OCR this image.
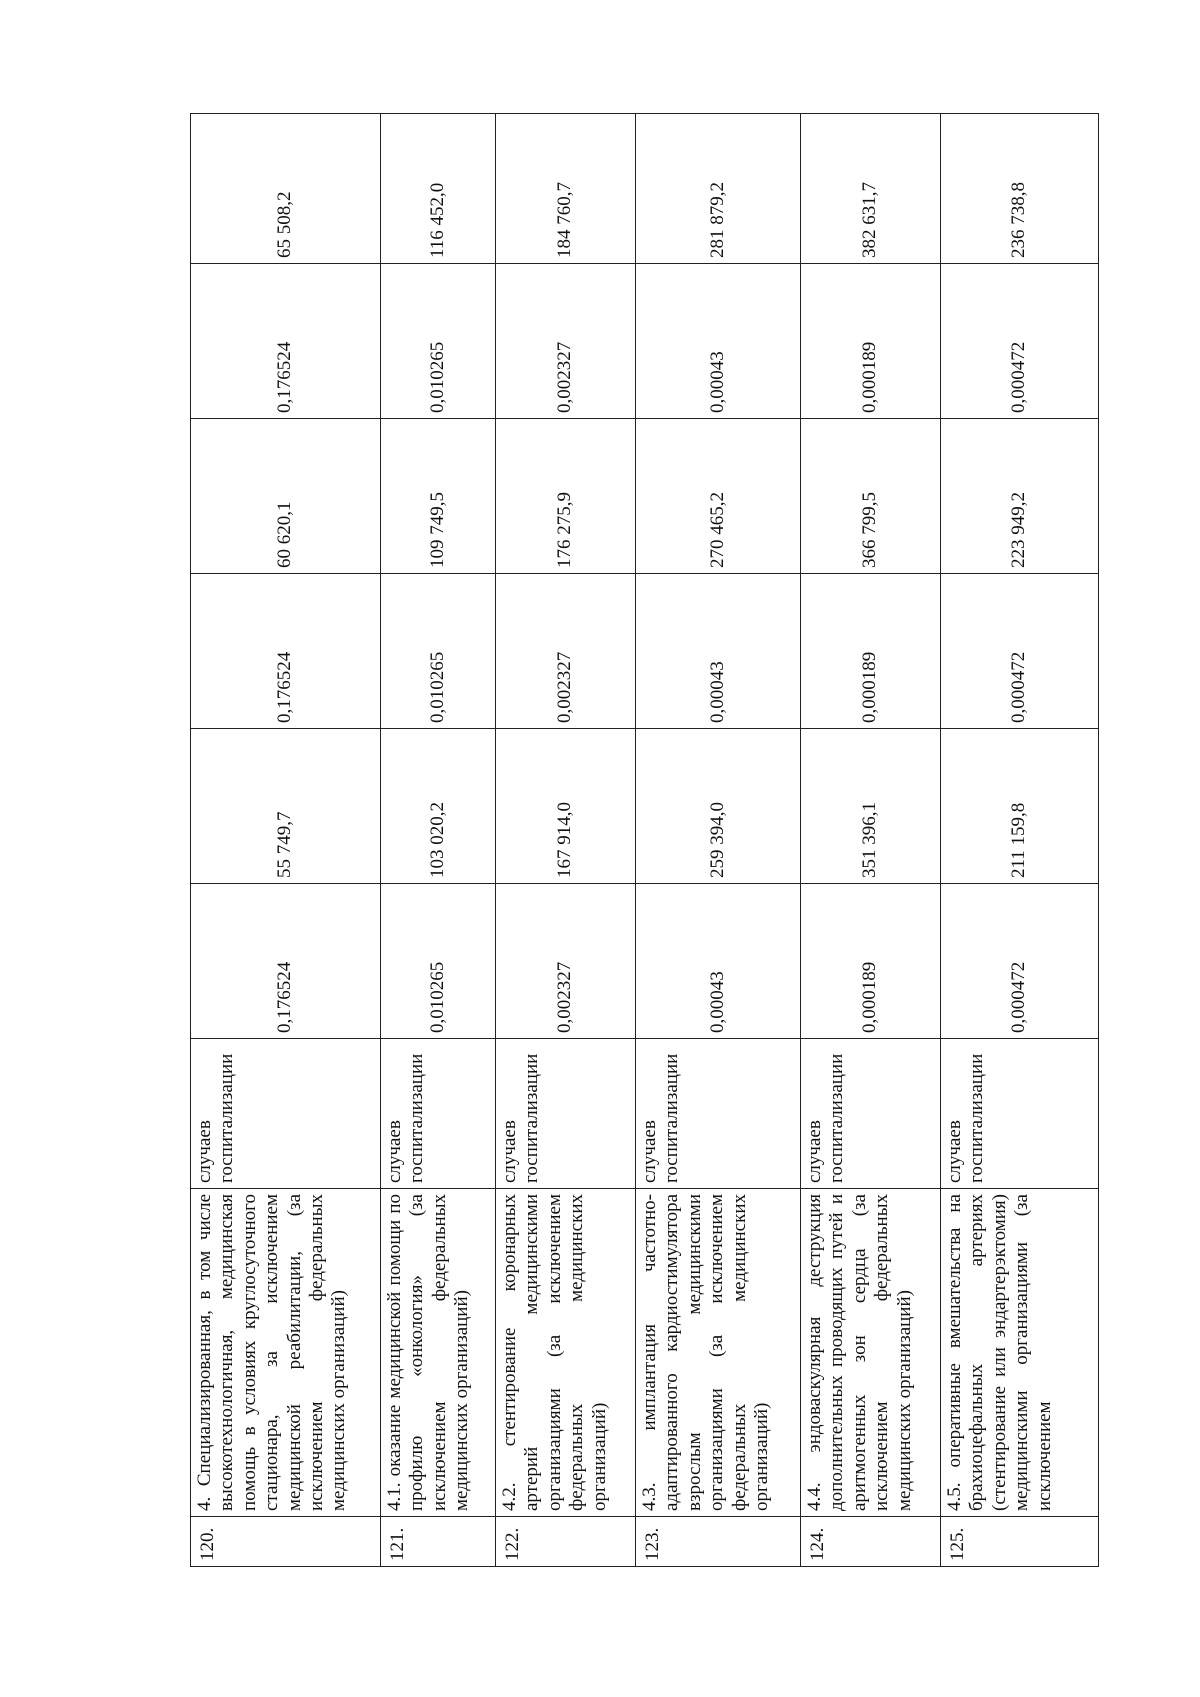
120.	4. Специализированная, в том числе высокотехнологичная, медицинская помощь в условиях круглосуточного стационара, за исключением медицинской реабилитации, (за исключением федеральных медицинских организаций)	случаев госпитализации	0,176524	55 749,7	0,176524	60 620,1	0,176524	65 508,2
121.	4.1. оказание медицинской помощи по профилю «онкология» (за исключением федеральных медицинских организаций)	случаев госпитализации	0,010265	103 020,2	0,010265	109 749,5	0,010265	116 452,0
122.	4.2. стентирование коронарных артерий медицинскими организациями (за исключением федеральных медицинских организаций)	случаев госпитализации	0,002327	167 914,0	0,002327	176 275,9	0,002327	184 760,7
123.	4.3. имплантация частотно-адаптированного кардиостимулятора взрослым медицинскими организациями (за исключением федеральных медицинских организаций)	случаев госпитализации	0,00043	259 394,0	0,00043	270 465,2	0,00043	281 879,2
124.	4.4. эндоваскулярная деструкция дополнительных проводящих путей и аритмогенных зон сердца (за исключением федеральных медицинских организаций)	случаев госпитализации	0,000189	351 396,1	0,000189	366 799,5	0,000189	382 631,7
125.	4.5. оперативные вмешательства на брахиоцефальных артериях (стентирование или эндартерэктомия) медицинскими организациями (за исключением	случаев госпитализации	0,000472	211 159,8	0,000472	223 949,2	0,000472	236 738,8
